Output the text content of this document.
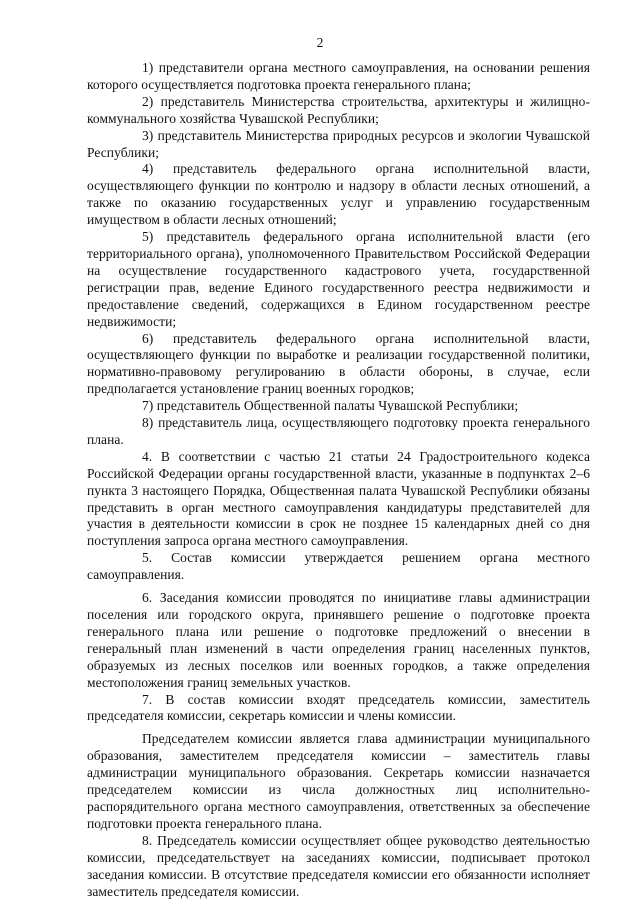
2

1) представители органа местного самоуправления, на основании решения которого осуществляется подготовка проекта генерального плана;

2) представитель Министерства строительства, архитектуры и жилищно-коммунального хозяйства Чувашской Республики;

3) представитель Министерства природных ресурсов и экологии Чувашской Республики;

4) представитель федерального органа исполнительной власти, осуществляющего функции по контролю и надзору в области лесных отношений, а также по оказанию государственных услуг и управлению государственным имуществом в области лесных отношений;

5) представитель федерального органа исполнительной власти (его территориального органа), уполномоченного Правительством Российской Федерации на осуществление государственного кадастрового учета, государственной регистрации прав, ведение Единого государственного реестра недвижимости и предоставление сведений, содержащихся в Едином государственном реестре недвижимости;

6) представитель федерального органа исполнительной власти, осуществляющего функции по выработке и реализации государственной политики, нормативно-правовому регулированию в области обороны, в случае, если предполагается установление границ военных городков;

7) представитель Общественной палаты Чувашской Республики;

8) представитель лица, осуществляющего подготовку проекта генерального плана.

4. В соответствии с частью 21 статьи 24 Градостроительного кодекса Российской Федерации органы государственной власти, указанные в подпунктах 2–6 пункта 3 настоящего Порядка, Общественная палата Чувашской Республики обязаны представить в орган местного самоуправления кандидатуры представителей для участия в деятельности комиссии в срок не позднее 15 календарных дней со дня поступления запроса органа местного самоуправления.

5. Состав комиссии утверждается решением органа местного самоуправления.

6. Заседания комиссии проводятся по инициативе главы администрации поселения или городского округа, принявшего решение о подготовке проекта генерального плана или решение о подготовке предложений о внесении в генеральный план изменений в части определения границ населенных пунктов, образуемых из лесных поселков или военных городков, а также определения местоположения границ земельных участков.

7. В состав комиссии входят председатель комиссии, заместитель председателя комиссии, секретарь комиссии и члены комиссии.

Председателем комиссии является глава администрации муниципального образования, заместителем председателя комиссии – заместитель главы администрации муниципального образования. Секретарь комиссии назначается председателем комиссии из числа должностных лиц исполнительно-распорядительного органа местного самоуправления, ответственных за обеспечение подготовки проекта генерального плана.

8. Председатель комиссии осуществляет общее руководство деятельностью комиссии, председательствует на заседаниях комиссии, подписывает протокол заседания комиссии. В отсутствие председателя комиссии его обязанности исполняет заместитель председателя комиссии.
